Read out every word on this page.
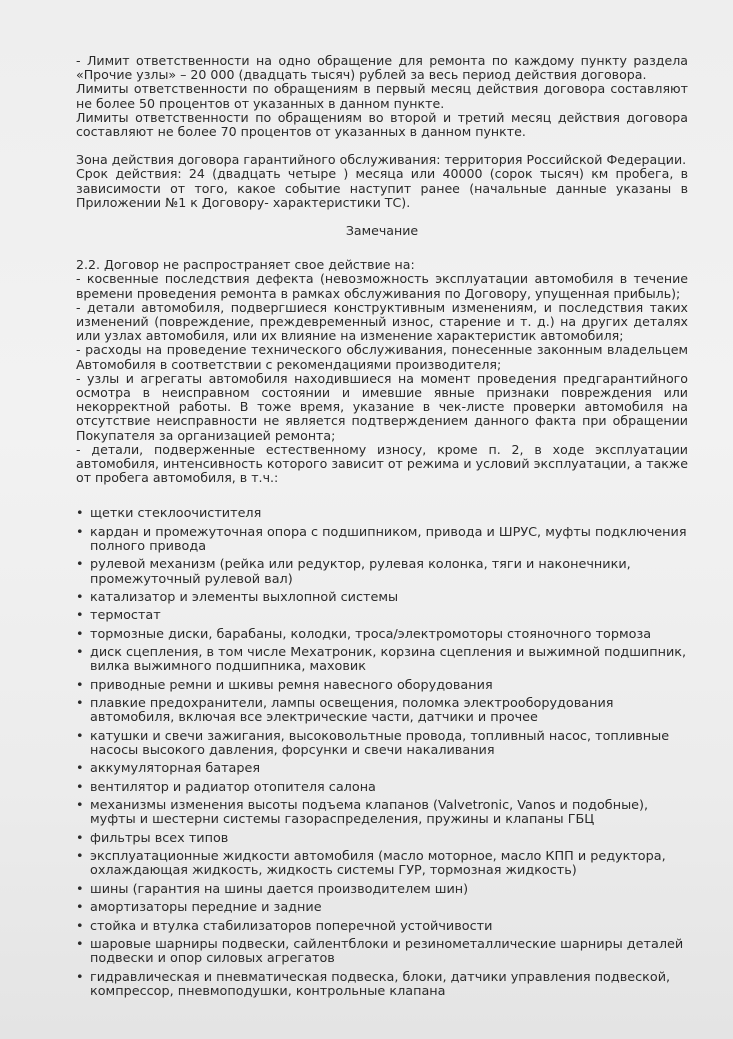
- Лимит ответственности на одно обращение для ремонта по каждому пункту раздела «Прочие узлы» – 20 000 (двадцать тысяч) рублей за весь период действия договора.

Лимиты ответственности по обращениям в первый месяц действия договора составляют не более 50 процентов от указанных в данном пункте.

Лимиты ответственности по обращениям во второй и третий месяц действия договора составляют не более 70 процентов от указанных в данном пункте.

Зона действия договора гарантийного обслуживания: территория Российской Федерации.

Срок действия: 24 (двадцать четыре ) месяца или 40000 (сорок тысяч) км пробега, в зависимости от того, какое событие наступит ранее (начальные данные указаны в Приложении №1 к Договору- характеристики ТС).

Замечание

2.2. Договор не распространяет свое действие на:

- косвенные последствия дефекта (невозможность эксплуатации автомобиля в течение времени проведения ремонта в рамках обслуживания по Договору, упущенная прибыль);

- детали автомобиля, подвергшиеся конструктивным изменениям, и последствия таких изменений (повреждение, преждевременный износ, старение и т. д.) на других деталях или узлах автомобиля, или их влияние на изменение характеристик автомобиля;

- расходы на проведение технического обслуживания, понесенные законным владельцем Автомобиля в соответствии с рекомендациями производителя;

- узлы и агрегаты автомобиля находившиеся на момент проведения предгарантийного осмотра в неисправном состоянии и имевшие явные признаки повреждения или некорректной работы. В тоже время, указание в чек-листе проверки автомобиля на отсутствие неисправности не является подтверждением данного факта при обращении Покупателя за организацией ремонта;

- детали, подверженные естественному износу, кроме п. 2, в ходе эксплуатации автомобиля, интенсивность которого зависит от режима и условий эксплуатации, а также от пробега автомобиля, в т.ч.:

• щетки стеклоочистителя
• кардан и промежуточная опора с подшипником, привода и ШРУС, муфты подключения полного привода
• рулевой механизм (рейка или редуктор, рулевая колонка, тяги и наконечники, промежуточный рулевой вал)
• катализатор и элементы выхлопной системы
• термостат
• тормозные диски, барабаны, колодки, троса/электромоторы стояночного тормоза
• диск сцепления, в том числе Мехатроник, корзина сцепления и выжимной подшипник, вилка выжимного подшипника, маховик
• приводные ремни и шкивы ремня навесного оборудования
• плавкие предохранители, лампы освещения, поломка электрооборудования автомобиля, включая все электрические части, датчики и прочее
• катушки и свечи зажигания, высоковольтные провода, топливный насос, топливные насосы высокого давления, форсунки и свечи накаливания
• аккумуляторная батарея
• вентилятор и радиатор отопителя салона
• механизмы изменения высоты подъема клапанов (Valvetronic, Vanos и подобные), муфты и шестерни системы газораспределения, пружины и клапаны ГБЦ
• фильтры всех типов
• эксплуатационные жидкости автомобиля (масло моторное, масло КПП и редуктора, охлаждающая жидкость, жидкость системы ГУР, тормозная жидкость)
• шины (гарантия на шины дается производителем шин)
• амортизаторы передние и задние
• стойка и втулка стабилизаторов поперечной устойчивости
• шаровые шарниры подвески, сайлентблоки и резинометаллические шарниры деталей подвески и опор силовых агрегатов
• гидравлическая и пневматическая подвеска, блоки, датчики управления подвеской, компрессор, пневмоподушки, контрольные клапана
